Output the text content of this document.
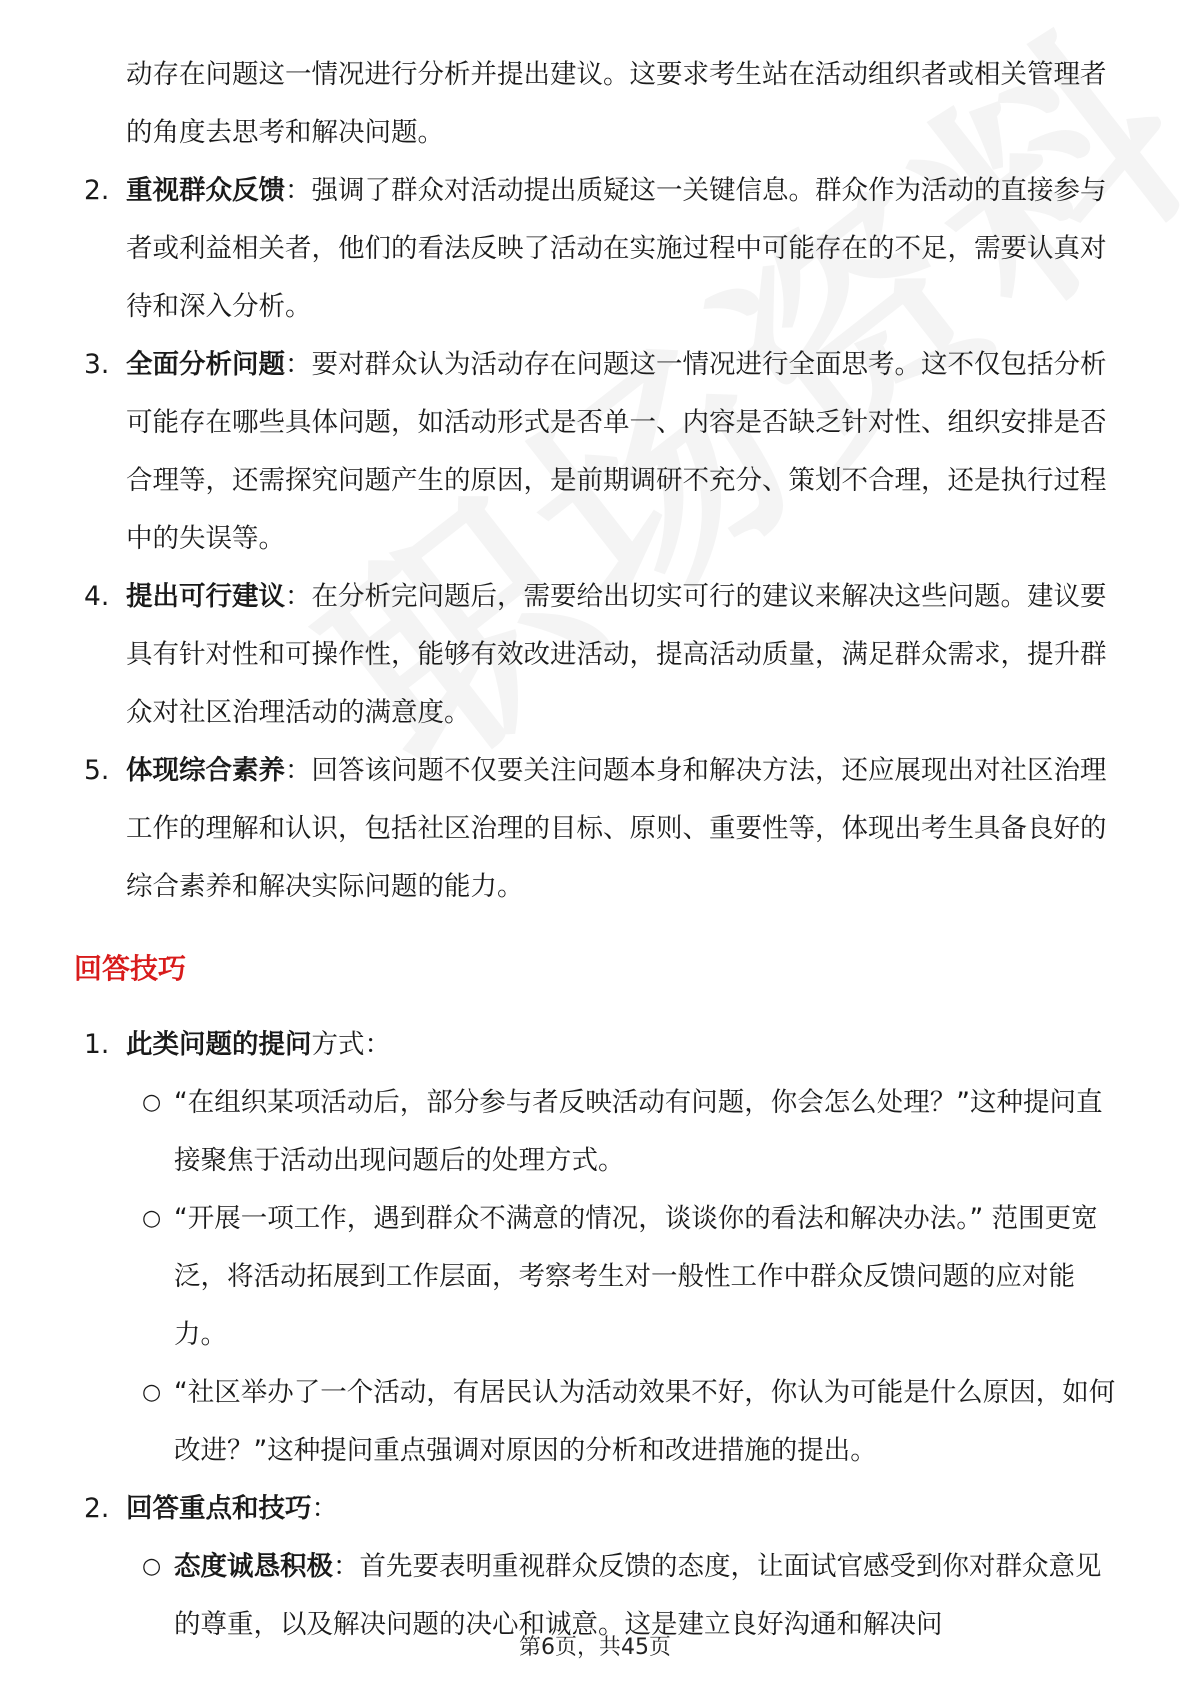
动存在问题这一情况进行分析并提出建议。这要求考生站在活动组织者或相关管理者的角度去思考和解决问题。
2. 重视群众反馈：强调了群众对活动提出质疑这一关键信息。群众作为活动的直接参与者或利益相关者，他们的看法反映了活动在实施过程中可能存在的不足，需要认真对待和深入分析。
3. 全面分析问题：要对群众认为活动存在问题这一情况进行全面思考。这不仅包括分析可能存在哪些具体问题，如活动形式是否单一、内容是否缺乏针对性、组织安排是否合理等，还需探究问题产生的原因，是前期调研不充分、策划不合理，还是执行过程中的失误等。
4. 提出可行建议：在分析完问题后，需要给出切实可行的建议来解决这些问题。建议要具有针对性和可操作性，能够有效改进活动，提高活动质量，满足群众需求，提升群众对社区治理活动的满意度。
5. 体现综合素养：回答该问题不仅要关注问题本身和解决方法，还应展现出对社区治理工作的理解和认识，包括社区治理的目标、原则、重要性等，体现出考生具备良好的综合素养和解决实际问题的能力。
回答技巧
1. 此类问题的提问方式：
○ “在组织某项活动后，部分参与者反映活动有问题，你会怎么处理？”这种提问直接聚焦于活动出现问题后的处理方式。
○ “开展一项工作，遇到群众不满意的情况，谈谈你的看法和解决办法。” 范围更宽泛，将活动拓展到工作层面，考察考生对一般性工作中群众反馈问题的应对能力。
○ “社区举办了一个活动，有居民认为活动效果不好，你认为可能是什么原因，如何改进？”这种提问重点强调对原因的分析和改进措施的提出。
2. 回答重点和技巧：
○ 态度诚恳积极：首先要表明重视群众反馈的态度，让面试官感受到你对群众意见的尊重，以及解决问题的决心和诚意。这是建立良好沟通和解决问
第6页，共45页
